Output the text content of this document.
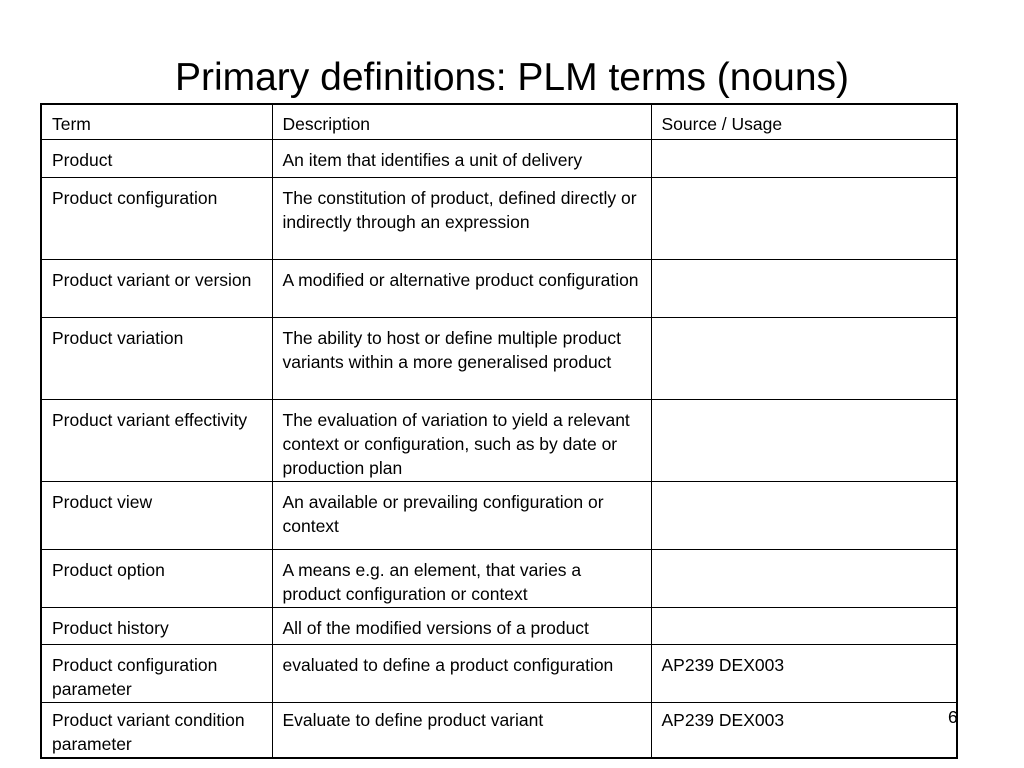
Primary definitions: PLM terms (nouns)
Term	Description	Source / Usage
Product	An item that identifies a unit of delivery	
Product configuration	The constitution of product, defined directly or indirectly through an expression	
Product variant or version	A modified or alternative product configuration	
Product variation	The ability to host or define multiple product variants within a more generalised product	
Product variant effectivity	The evaluation of variation to yield a relevant context or configuration, such as by date or production plan	
Product view	An available or prevailing configuration or context	
Product option	A means e.g. an element, that varies a product configuration or context	
Product history	All of the modified versions of a product	
Product configuration parameter	evaluated to define a product configuration	AP239 DEX003
Product variant condition parameter	Evaluate to define product variant	AP239 DEX003	6
